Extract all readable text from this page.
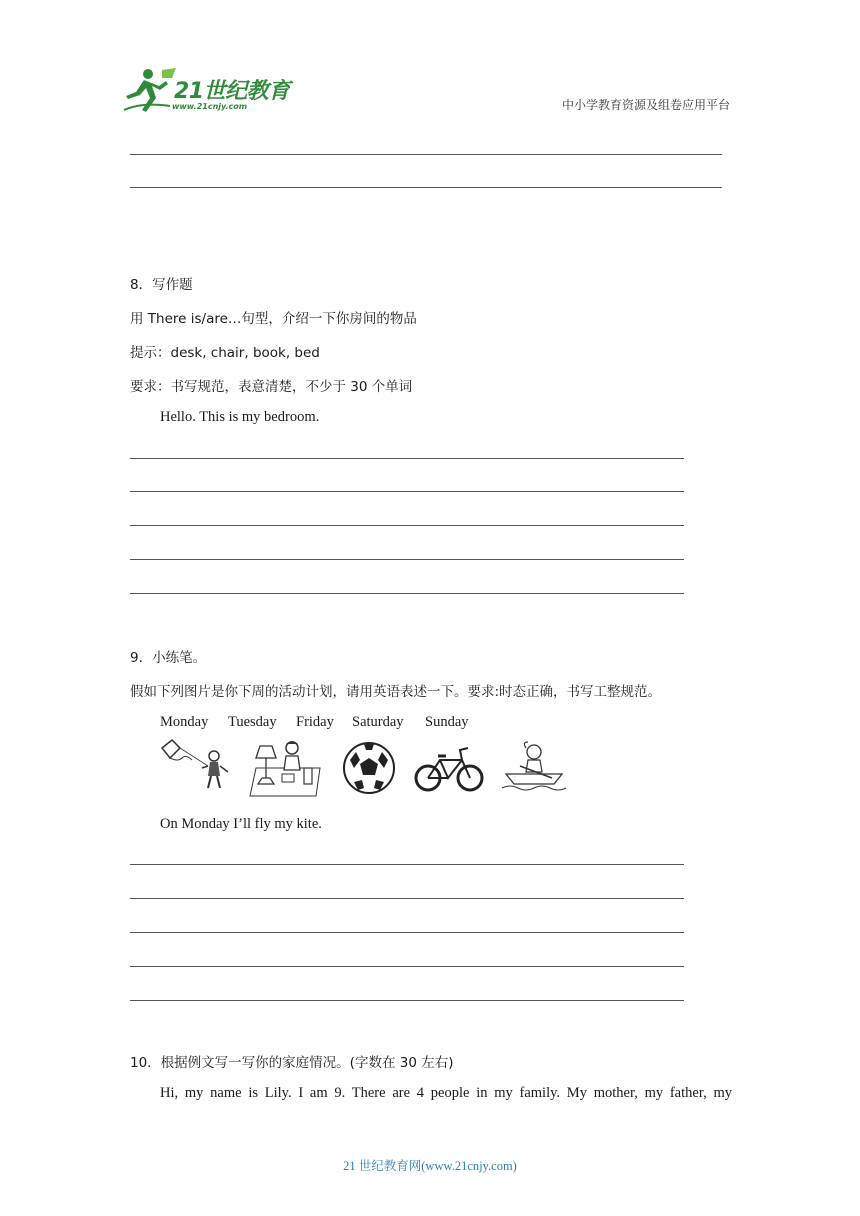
21世纪教育
www.21cnjy.com	中小学教育资源及组卷应用平台
8．写作题
用 There is/are…句型，介绍一下你房间的物品
提示：desk, chair, book, bed
要求：书写规范，表意清楚，不少于 30 个单词
Hello. This is my bedroom.
9．小练笔。
假如下列图片是你下周的活动计划，请用英语表述一下。要求:时态正确，书写工整规范。
Monday Tuesday Friday Saturday Sunday
On Monday I’ll fly my kite.
10．根据例文写一写你的家庭情况。(字数在 30 左右)
Hi, my name is Lily. I am 9. There are 4 people in my family. My mother, my father, my
21 世纪教育网(www.21cnjy.com)
